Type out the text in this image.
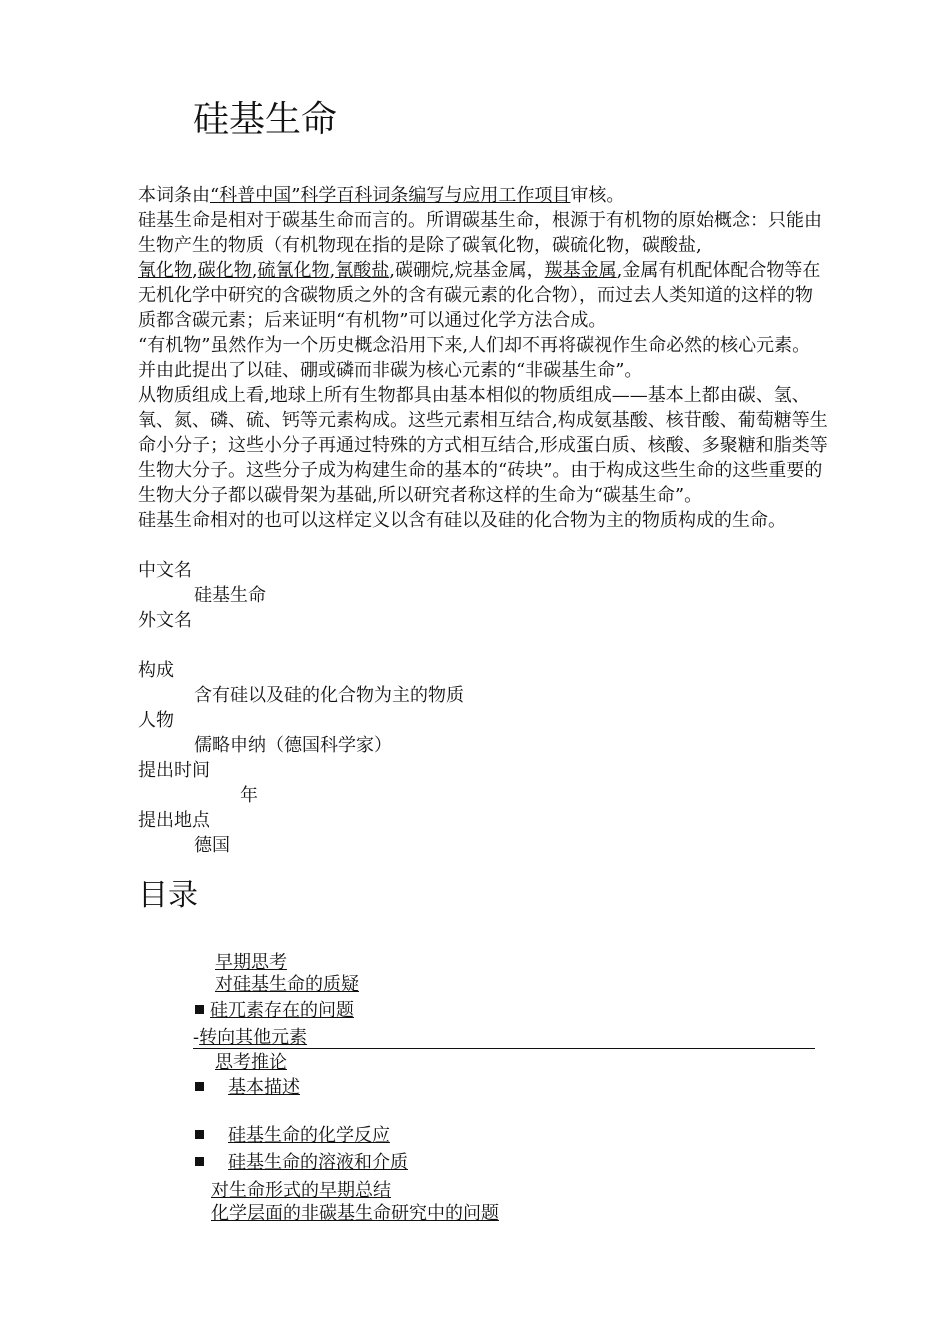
硅基生命

本词条由“科普中国”科学百科词条编写与应用工作项目审核。

硅基生命是相对于碳基生命而言的。所谓碳基生命，根源于有机物的原始概念：只能由生物产生的物质（有机物现在指的是除了碳氧化物，碳硫化物，碳酸盐,
氰化物,碳化物,硫氰化物,氰酸盐,碳硼烷,烷基金属，羰基金属,金属有机配体配合物等在无机化学中研究的含碳物质之外的含有碳元素的化合物），而过去人类知道的这样的物质都含碳元素；后来证明“有机物”可以通过化学方法合成。

“有机物”虽然作为一个历史概念沿用下来,人们却不再将碳视作生命必然的核心元素。并由此提出了以硅、硼或磷而非碳为核心元素的“非碳基生命”。

从物质组成上看,地球上所有生物都具由基本相似的物质组成——基本上都由碳、氢、氧、氮、磷、硫、钙等元素构成。这些元素相互结合,构成氨基酸、核苷酸、葡萄糖等生命小分子；这些小分子再通过特殊的方式相互结合,形成蛋白质、核酸、多聚糖和脂类等生物大分子。这些分子成为构建生命的基本的“砖块”。由于构成这些生命的这些重要的生物大分子都以碳骨架为基础,所以研究者称这样的生命为“碳基生命”。

硅基生命相对的也可以这样定义以含有硅以及硅的化合物为主的物质构成的生命。

中文名
硅基生命
外文名
构成
含有硅以及硅的化合物为主的物质
人物
儒略申纳（德国科学家）
提出时间
年
提出地点
德国
目录
早期思考
对硅基生命的质疑
硅兀素存在的问题
-转向其他元素
思考推论
基本描述
硅基生命的化学反应
硅基生命的溶液和介质
对生命形式的早期总结
化学层面的非碳基生命研究中的问题
